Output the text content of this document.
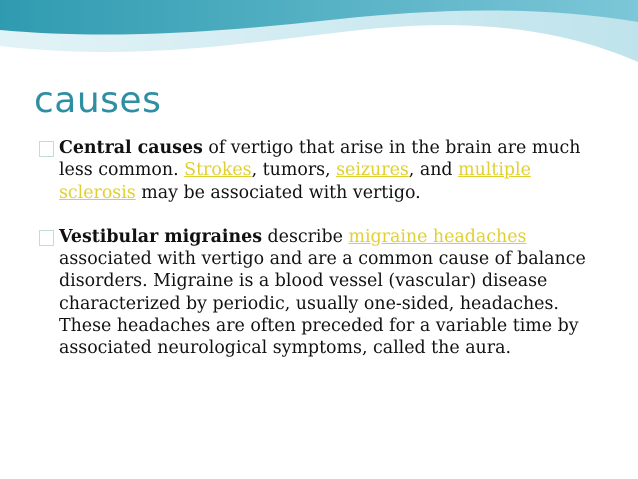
causes
Central causes of vertigo that arise in the brain are much less common. Strokes, tumors, seizures, and multiple sclerosis may be associated with vertigo.
Vestibular migraines describe migraine headaches associated with vertigo and are a common cause of balance disorders. Migraine is a blood vessel (vascular) disease characterized by periodic, usually one-sided, headaches. These headaches are often preceded for a variable time by associated neurological symptoms, called the aura.
